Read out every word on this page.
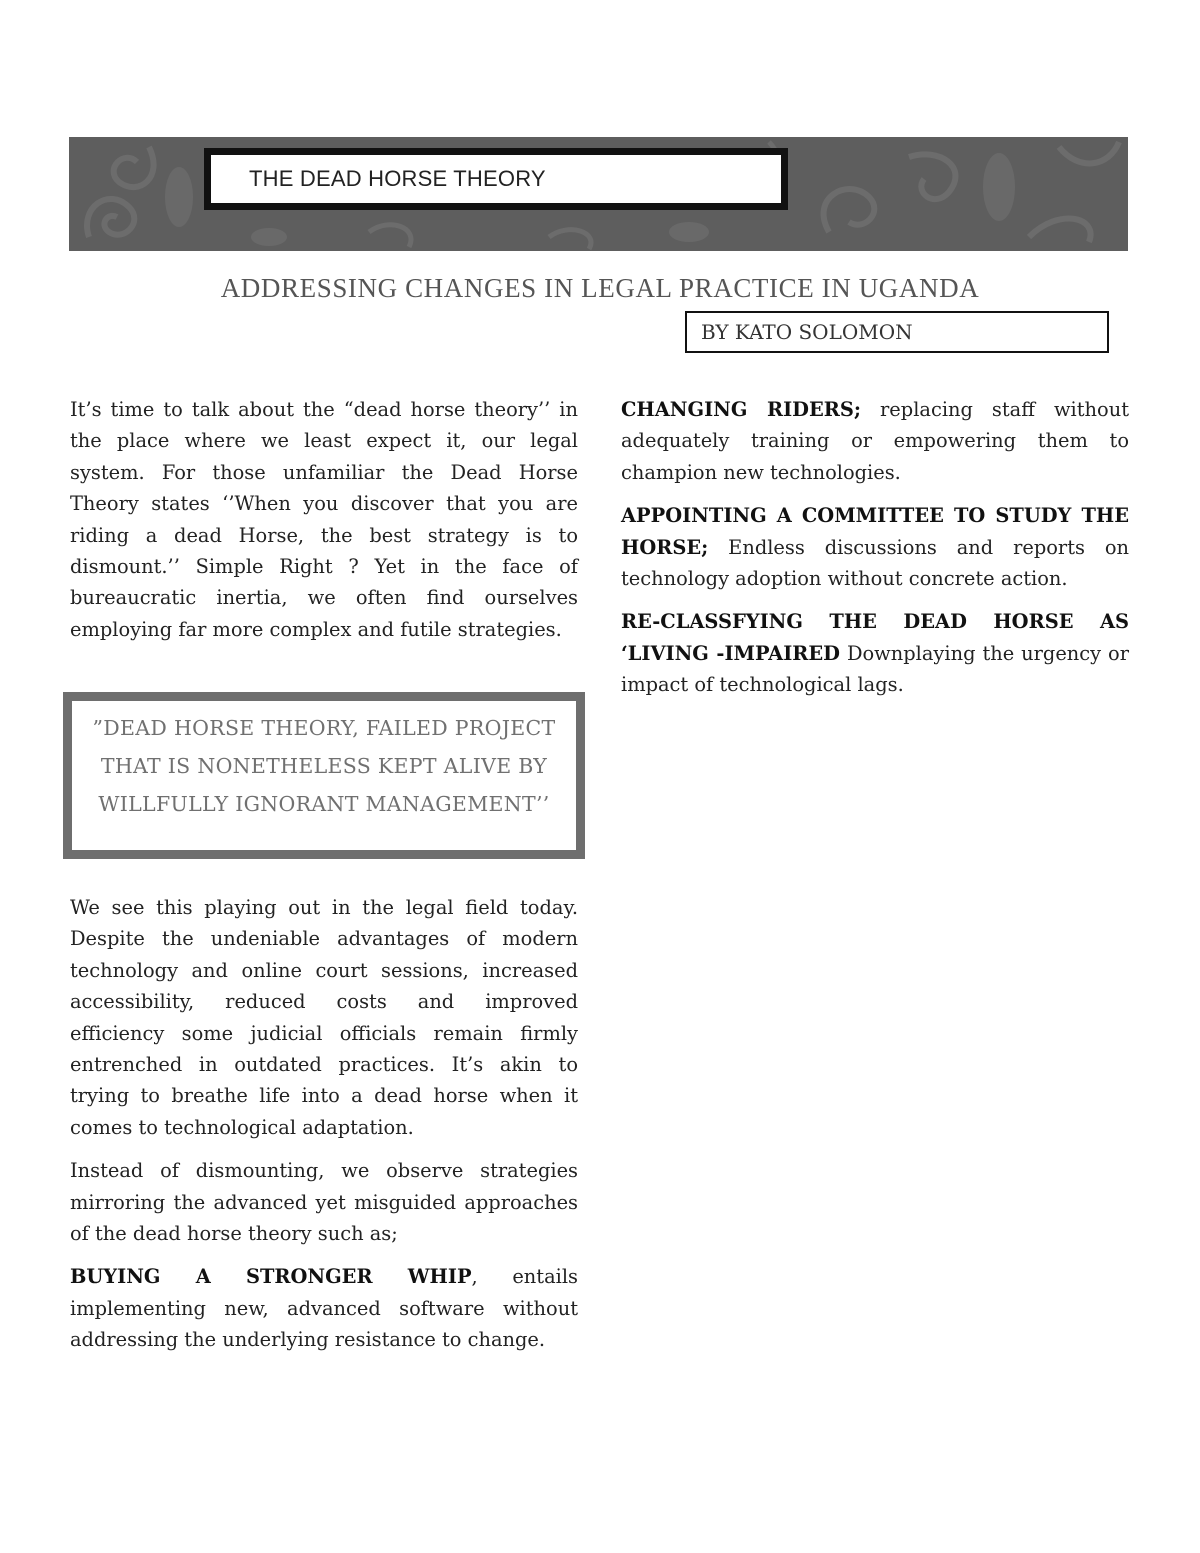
THE DEAD HORSE THEORY
ADDRESSING CHANGES IN LEGAL PRACTICE IN UGANDA
BY KATO SOLOMON
It’s time to talk about the “dead horse theory’’ in the place where we least expect it, our legal system. For those unfamiliar the Dead Horse Theory states ‘’When you discover that you are riding a dead Horse, the best strategy is to dismount.’’ Simple Right ? Yet in the face of bureaucratic inertia, we often find ourselves employing far more complex and futile strategies.
”DEAD HORSE THEORY, FAILED PROJECT THAT IS NONETHELESS KEPT ALIVE BY WILLFULLY IGNORANT MANAGEMENT’’

We see this playing out in the legal field today. Despite the undeniable advantages of modern technology and online court sessions, increased accessibility, reduced costs and improved efficiency some judicial officials remain firmly entrenched in outdated practices. It’s akin to trying to breathe life into a dead horse when it comes to technological adaptation.

Instead of dismounting, we observe strategies mirroring the advanced yet misguided approaches of the dead horse theory such as;

BUYING A STRONGER WHIP, entails implementing new, advanced software without addressing the underlying resistance to change.

CHANGING RIDERS; replacing staff without adequately training or empowering them to champion new technologies.

APPOINTING A COMMITTEE TO STUDY THE HORSE; Endless discussions and reports on technology adoption without concrete action.

RE-CLASSFYING THE DEAD HORSE AS ‘LIVING -IMPAIRED Downplaying the urgency or impact of technological lags.
